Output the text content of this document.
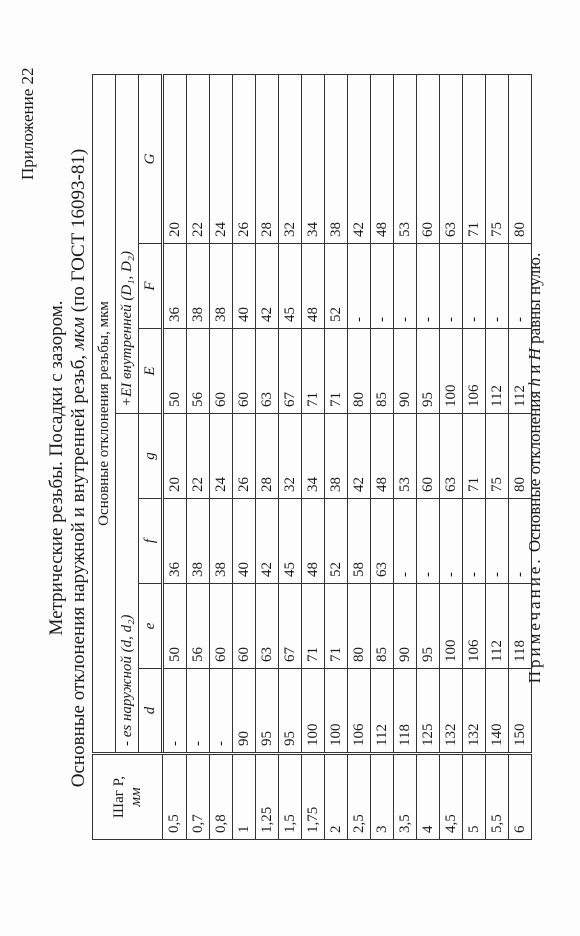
Приложение 22
Метрические резьбы. Посадки с зазором. Основные отклонения наружной и внутренней резьб, мкм (по ГОСТ 16093-81)
Шаг P, мм	Основные отклонения резьбы, мкм						
	- es наружной (d, d₂)				+EI внутренней (D₁, D₂)		
	d	e	f	g	E	F	G
0,5	-	50	36	20	50	36	20
0,7	-	56	38	22	56	38	22
0,8	-	60	38	24	60	38	24
1	90	60	40	26	60	40	26
1,25	95	63	42	28	63	42	28
1,5	95	67	45	32	67	45	32
1,75	100	71	48	34	71	48	34
2	100	71	52	38	71	52	38
2,5	106	80	58	42	80	-	42
3	112	85	63	48	85	-	48
3,5	118	90	-	53	90	-	53
4	125	95	-	60	95	-	60
4,5	132	100	-	63	100	-	63
5	132	106	-	71	106	-	71
5,5	140	112	-	75	112	-	75
6	150	118	-	80	112	-	80
Примечание. Основные отклонения h и H равны нулю.
